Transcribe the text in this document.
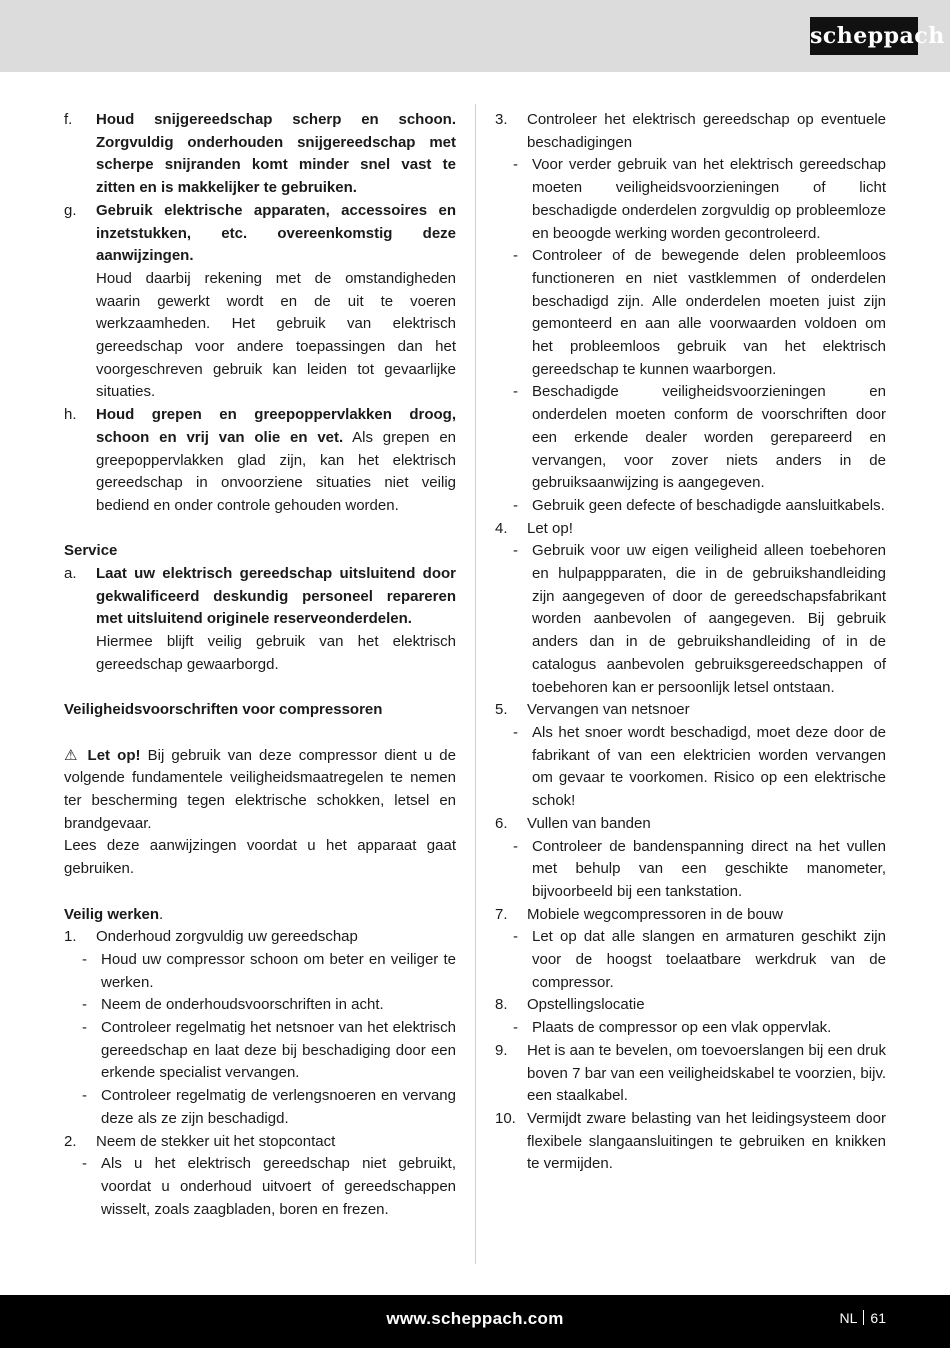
scheppach
f.	Houd snijgereedschap scherp en schoon. Zorgvuldig onderhouden snijgereedschap met scherpe snijranden komt minder snel vast te zitten en is makkelijker te gebruiken.
g.	Gebruik elektrische apparaten, accessoires en inzetstukken, etc. overeenkomstig deze aanwijzingen.
Houd daarbij rekening met de omstandigheden waarin gewerkt wordt en de uit te voeren werkzaamheden. Het gebruik van elektrisch gereedschap voor andere toepassingen dan het voorgeschreven gebruik kan leiden tot gevaarlijke situaties.
h.	Houd grepen en greepoppervlakken droog, schoon en vrij van olie en vet. Als grepen en greepoppervlakken glad zijn, kan het elektrisch gereedschap in onvoorziene situaties niet veilig bediend en onder controle gehouden worden.
Service
a.	Laat uw elektrisch gereedschap uitsluitend door gekwalificeerd deskundig personeel repareren met uitsluitend originele reserveonderdelen.
Hiermee blijft veilig gebruik van het elektrisch gereedschap gewaarborgd.
Veiligheidsvoorschriften voor compressoren
⚠ Let op! Bij gebruik van deze compressor dient u de volgende fundamentele veiligheidsmaatregelen te nemen ter bescherming tegen elektrische schokken, letsel en brandgevaar.
Lees deze aanwijzingen voordat u het apparaat gaat gebruiken.
Veilig werken.
1.	Onderhoud zorgvuldig uw gereedschap
- Houd uw compressor schoon om beter en veiliger te werken.
- Neem de onderhoudsvoorschriften in acht.
- Controleer regelmatig het netsnoer van het elektrisch gereedschap en laat deze bij beschadiging door een erkende specialist vervangen.
- Controleer regelmatig de verlengsnoeren en vervang deze als ze zijn beschadigd.
2.	Neem de stekker uit het stopcontact
- Als u het elektrisch gereedschap niet gebruikt, voordat u onderhoud uitvoert of gereedschappen wisselt, zoals zaagbladen, boren en frezen.
3.	Controleer het elektrisch gereedschap op eventuele beschadigingen
- Voor verder gebruik van het elektrisch gereedschap moeten veiligheidsvoorzieningen of licht beschadigde onderdelen zorgvuldig op probleemloze en beoogde werking worden gecontroleerd.
- Controleer of de bewegende delen probleemloos functioneren en niet vastklemmen of onderdelen beschadigd zijn. Alle onderdelen moeten juist zijn gemonteerd en aan alle voorwaarden voldoen om het probleemloos gebruik van het elektrisch gereedschap te kunnen waarborgen.
- Beschadigde veiligheidsvoorzieningen en onderdelen moeten conform de voorschriften door een erkende dealer worden gerepareerd en vervangen, voor zover niets anders in de gebruiksaanwijzing is aangegeven.
- Gebruik geen defecte of beschadigde aansluitkabels.
4.	Let op!
- Gebruik voor uw eigen veiligheid alleen toebehoren en hulpappparaten, die in de gebruikshandleiding zijn aangegeven of door de gereedschapsfabrikant worden aanbevolen of aangegeven. Bij gebruik anders dan in de gebruikshandleiding of in de catalogus aanbevolen gebruiksgereedschappen of toebehoren kan er persoonlijk letsel ontstaan.
5.	Vervangen van netsnoer
- Als het snoer wordt beschadigd, moet deze door de fabrikant of van een elektricien worden vervangen om gevaar te voorkomen. Risico op een elektrische schok!
6.	Vullen van banden
- Controleer de bandenspanning direct na het vullen met behulp van een geschikte manometer, bijvoorbeeld bij een tankstation.
7.	Mobiele wegcompressoren in de bouw
- Let op dat alle slangen en armaturen geschikt zijn voor de hoogst toelaatbare werkdruk van de compressor.
8.	Opstellingslocatie
- Plaats de compressor op een vlak oppervlak.
9.	Het is aan te bevelen, om toevoerslangen bij een druk boven 7 bar van een veiligheidskabel te voorzien, bijv. een staalkabel.
10. Vermijdt zware belasting van het leidingsysteem door flexibele slangaansluitingen te gebruiken en knikken te vermijden.
www.scheppach.com	NL 61
